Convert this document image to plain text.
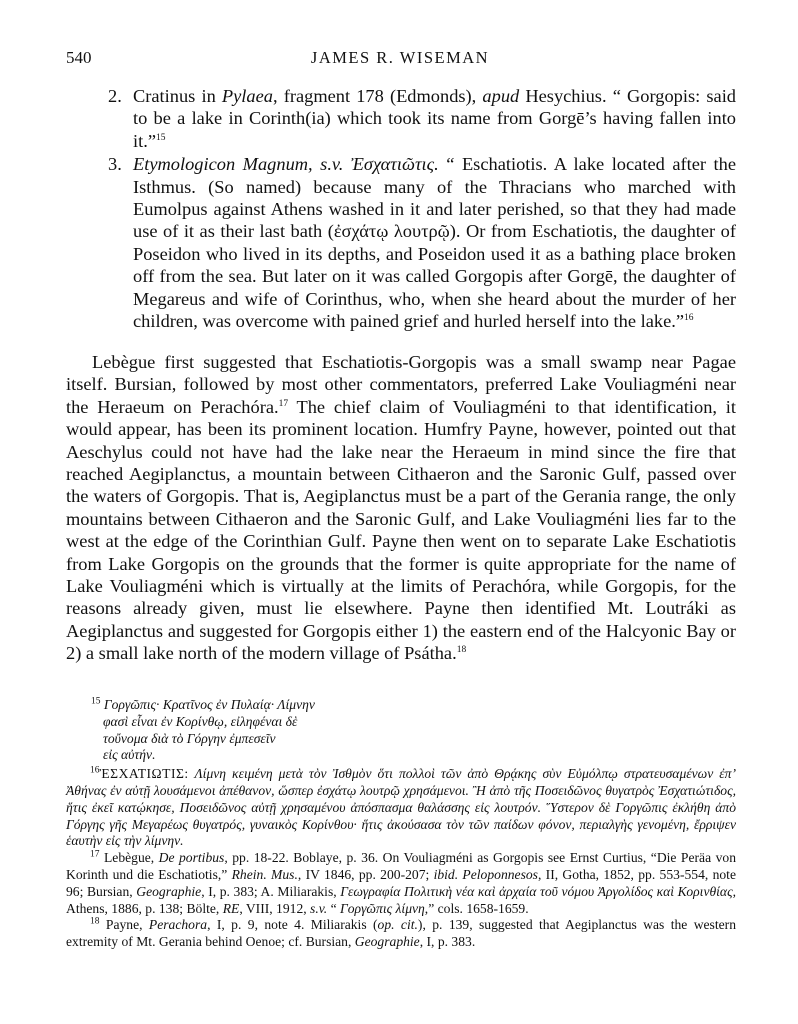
540	JAMES R. WISEMAN
2. Cratinus in Pylaea, fragment 178 (Edmonds), apud Hesychius. “ Gorgopis: said to be a lake in Corinth(ia) which took its name from Gorgē’s having fallen into it.”$^{15}$
3. Etymologicon Magnum, s.v. Ἐσχατιῶτις. “ Eschatiotis. A lake located after the Isthmus. (So named) because many of the Thracians who marched with Eumolpus against Athens washed in it and later perished, so that they had made use of it as their last bath (ἐσχάτῳ λουτρῷ). Or from Eschatiotis, the daughter of Poseidon who lived in its depths, and Poseidon used it as a bathing place broken off from the sea. But later on it was called Gorgopis after Gorgē, the daughter of Megareus and wife of Corinthus, who, when she heard about the murder of her children, was overcome with pained grief and hurled herself into the lake.”$^{16}$

Lebègue first suggested that Eschatiotis-Gorgopis was a small swamp near Pagae itself. Bursian, followed by most other commentators, preferred Lake Vouliagméni near the Heraeum on Perachóra.$^{17}$ The chief claim of Vouliagméni to that identification, it would appear, has been its prominent location. Humfry Payne, however, pointed out that Aeschylus could not have had the lake near the Heraeum in mind since the fire that reached Aegiplanctus, a mountain between Cithaeron and the Saronic Gulf, passed over the waters of Gorgopis. That is, Aegiplanctus must be a part of the Gerania range, the only mountains between Cithaeron and the Saronic Gulf, and Lake Vouliagméni lies far to the west at the edge of the Corinthian Gulf. Payne then went on to separate Lake Eschatiotis from Lake Gorgopis on the grounds that the former is quite appropriate for the name of Lake Vouliagméni which is virtually at the limits of Perachóra, while Gorgopis, for the reasons already given, must lie elsewhere. Payne then identified Mt. Loutráki as Aegiplanctus and suggested for Gorgopis either 1) the eastern end of the Halcyonic Bay or 2) a small lake north of the modern village of Psátha.$^{18}$

$^{15}$ Γοργῶπις· Κρατῖνος ἐν Πυλαίᾳ· Λίμνην
φασὶ εἶναι ἐν Κορίνθῳ, εἰληφέναι δὲ
τοὔνομα διὰ τὸ Γόργην ἐμπεσεῖν
εἰς αὐτήν.

$^{16}$ἘΣΧΑΤΙΩΤΙΣ: Λίμνη κειμένη μετὰ τὸν Ἰσθμὸν ὅτι πολλοὶ τῶν ἀπὸ Θρᾴκης σὺν Εὐμόλπῳ στρατευσαμένων ἐπ’ Ἀθήνας ἐν αὐτῇ λουσάμενοι ἀπέθανον, ὥσπερ ἐσχάτῳ λουτρῷ χρησάμενοι. Ἢ ἀπὸ τῆς Ποσειδῶνος θυγατρὸς Ἐσχατιώτιδος, ἥτις ἐκεῖ κατῴκησε, Ποσειδῶνος αὐτῇ χρησαμένου ἀπόσπασμα θαλάσσης εἰς λουτρόν. Ὕστερον δὲ Γοργῶπις ἐκλήθη ἀπὸ Γόργης γῆς Μεγαρέως θυγατρός, γυναικὸς Κορίνθου· ἥτις ἀκούσασα τὸν τῶν παίδων φόνον, περιαλγὴς γενομένη, ἔρριψεν ἑαυτὴν εἰς τὴν λίμνην.

$^{17}$ Lebègue, De portibus, pp. 18-22. Boblaye, p. 36. On Vouliagméni as Gorgopis see Ernst Curtius, “Die Peräa von Korinth und die Eschatiotis,” Rhein. Mus., IV 1846, pp. 200-207; ibid. Peloponnesos, II, Gotha, 1852, pp. 553-554, note 96; Bursian, Geographie, I, p. 383; A. Miliarakis, Γεωγραφία Πολιτικὴ νέα καὶ ἀρχαία τοῦ νόμου Ἀργολίδος καὶ Κορινθίας, Athens, 1886, p. 138; Bölte, RE, VIII, 1912, s.v. “ Γοργῶπις λίμνη,” cols. 1658-1659.

$^{18}$ Payne, Perachora, I, p. 9, note 4. Miliarakis (op. cit.), p. 139, suggested that Aegiplanctus was the western extremity of Mt. Gerania behind Oenoe; cf. Bursian, Geographie, I, p. 383.
